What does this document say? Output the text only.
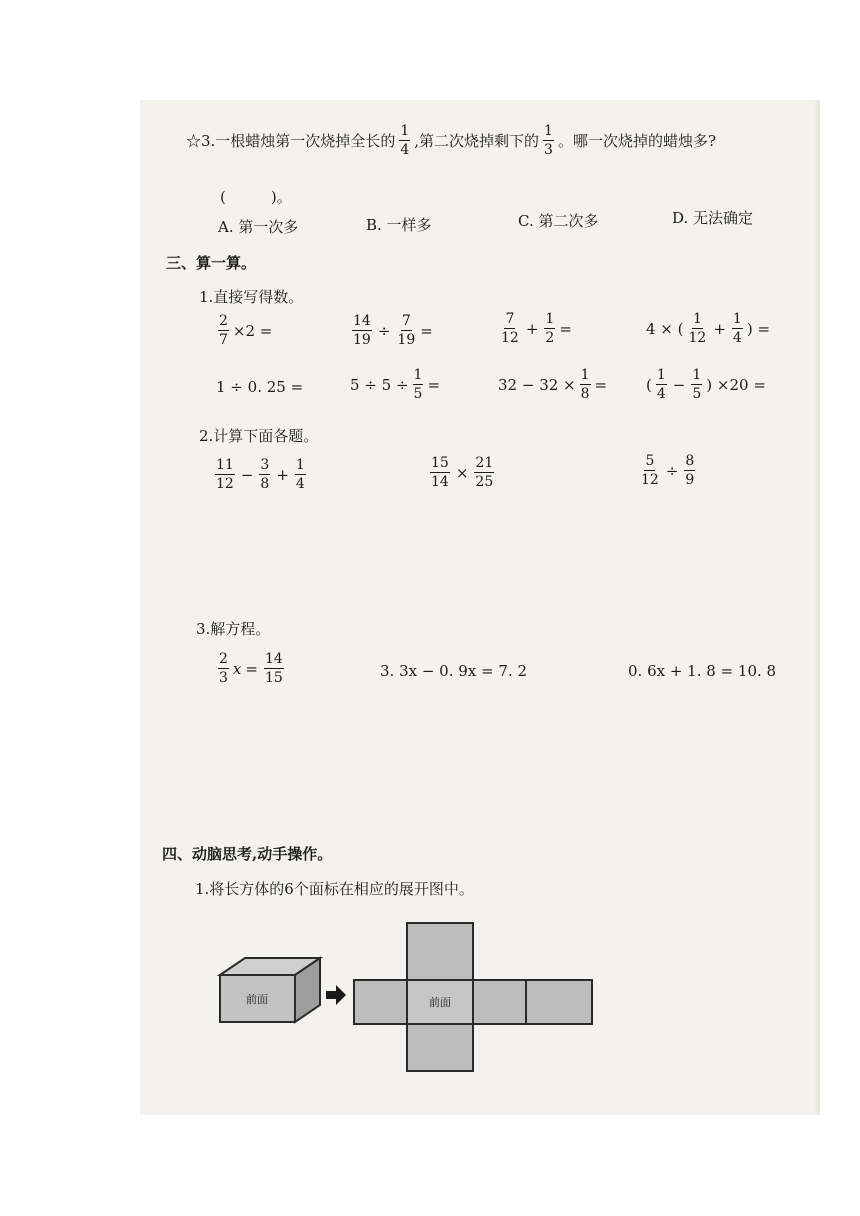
☆3.一根蜡烛第一次烧掉全长的 $\frac{1}{4}$ ,第二次烧掉剩下的 $\frac{1}{3}$ 。哪一次烧掉的蜡烛多?
(　　　)。
A. 第一次多	B. 一样多	C. 第二次多	D. 无法确定
三、算一算。
1.直接写得数。
$\frac{2}{7} \times 2$ =	$\frac{14}{19} \div \frac{7}{19}$ =	$\frac{7}{12} + \frac{1}{2}$ =	4 × ( $\frac{1}{12} + \frac{1}{4}$ ) =
1 ÷ 0. 25 =	$5 \div 5 \div \frac{1}{5}$ =	$32 - 32 \times \frac{1}{8}$ =	( $\frac{1}{4} - \frac{1}{5}$ ) ×20 =
2.计算下面各题。
$\frac{11}{12} - \frac{3}{8} + \frac{1}{4}$	$\frac{15}{14} \times \frac{21}{25}$	$\frac{5}{12} \div \frac{8}{9}$
3.解方程。
$\frac{2}{3}$ $x = \frac{14}{15}$	3. 3x − 0. 9x = 7. 2	0. 6x + 1. 8 = 10. 8
四、动脑思考,动手操作。
1.将长方体的6个面标在相应的展开图中。
前面	前面
